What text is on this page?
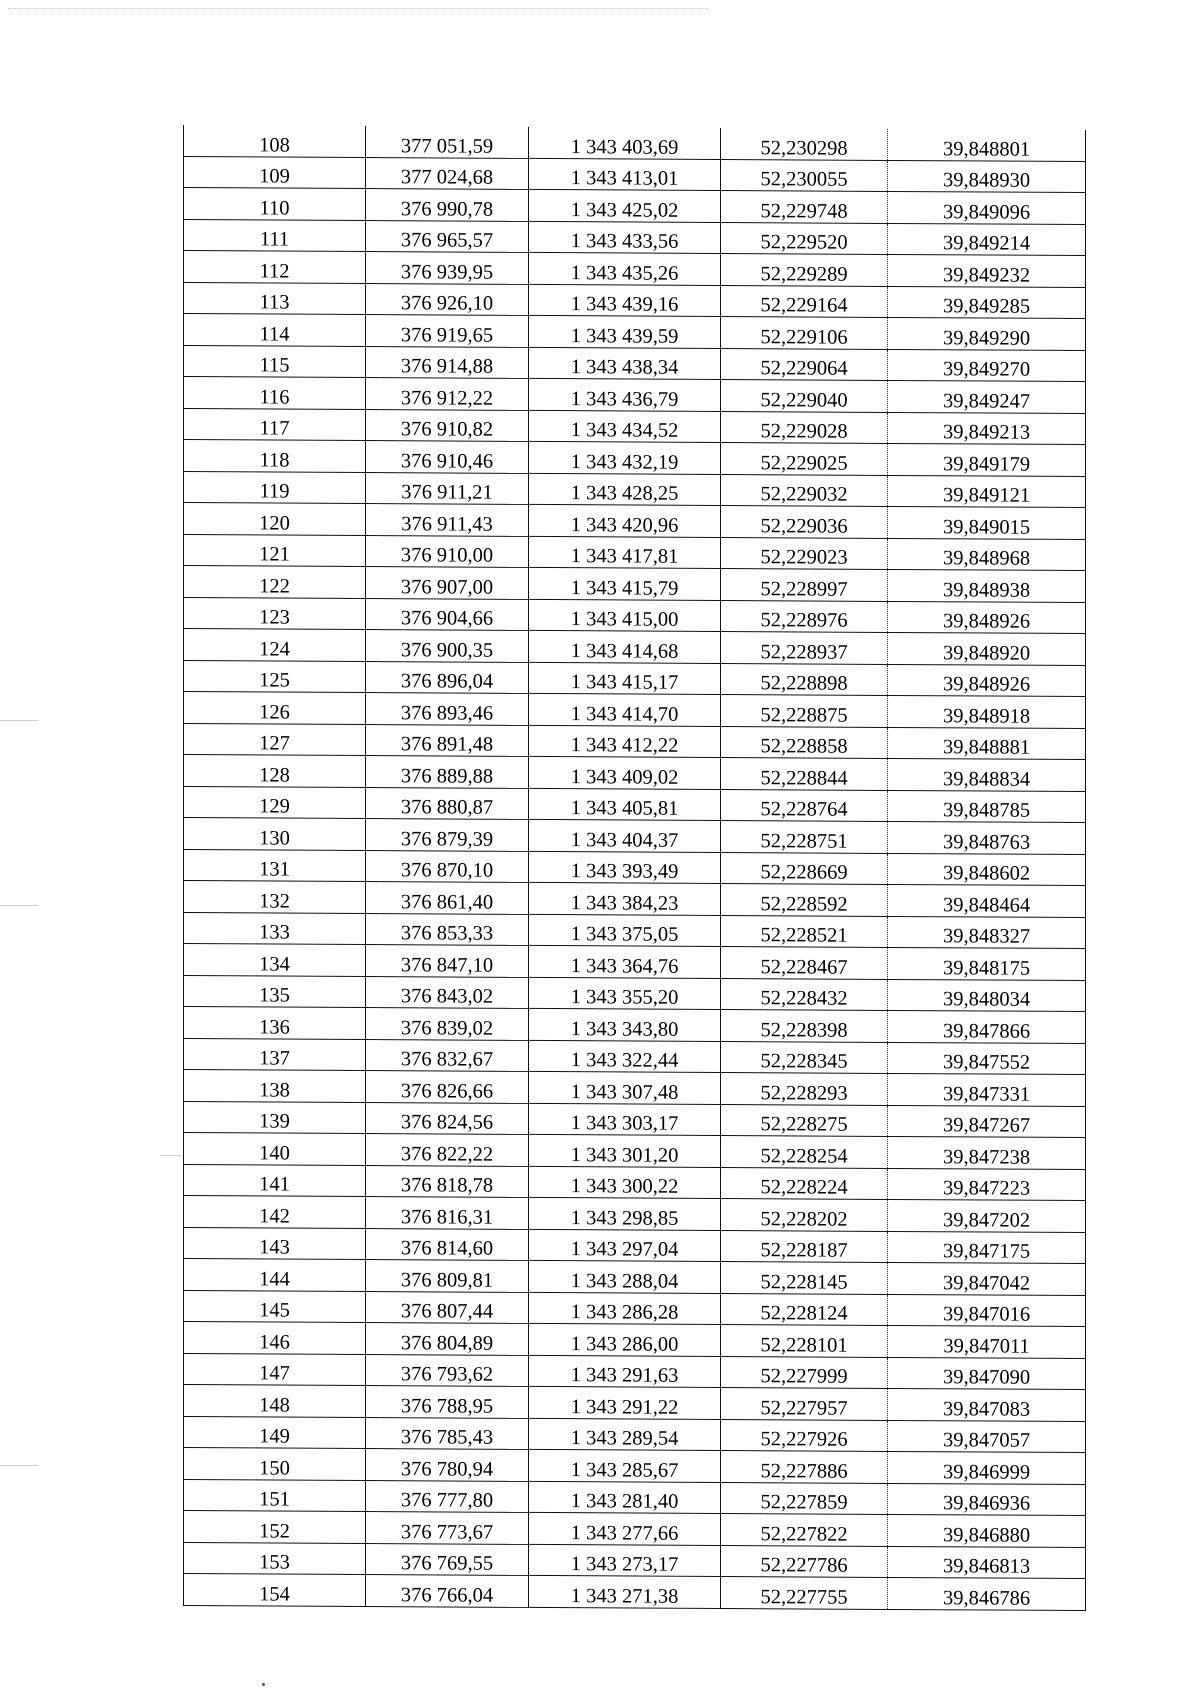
108	377 051,59	1 343 403,69	52,230298	39,848801
109	377 024,68	1 343 413,01	52,230055	39,848930
110	376 990,78	1 343 425,02	52,229748	39,849096
111	376 965,57	1 343 433,56	52,229520	39,849214
112	376 939,95	1 343 435,26	52,229289	39,849232
113	376 926,10	1 343 439,16	52,229164	39,849285
114	376 919,65	1 343 439,59	52,229106	39,849290
115	376 914,88	1 343 438,34	52,229064	39,849270
116	376 912,22	1 343 436,79	52,229040	39,849247
117	376 910,82	1 343 434,52	52,229028	39,849213
118	376 910,46	1 343 432,19	52,229025	39,849179
119	376 911,21	1 343 428,25	52,229032	39,849121
120	376 911,43	1 343 420,96	52,229036	39,849015
121	376 910,00	1 343 417,81	52,229023	39,848968
122	376 907,00	1 343 415,79	52,228997	39,848938
123	376 904,66	1 343 415,00	52,228976	39,848926
124	376 900,35	1 343 414,68	52,228937	39,848920
125	376 896,04	1 343 415,17	52,228898	39,848926
126	376 893,46	1 343 414,70	52,228875	39,848918
127	376 891,48	1 343 412,22	52,228858	39,848881
128	376 889,88	1 343 409,02	52,228844	39,848834
129	376 880,87	1 343 405,81	52,228764	39,848785
130	376 879,39	1 343 404,37	52,228751	39,848763
131	376 870,10	1 343 393,49	52,228669	39,848602
132	376 861,40	1 343 384,23	52,228592	39,848464
133	376 853,33	1 343 375,05	52,228521	39,848327
134	376 847,10	1 343 364,76	52,228467	39,848175
135	376 843,02	1 343 355,20	52,228432	39,848034
136	376 839,02	1 343 343,80	52,228398	39,847866
137	376 832,67	1 343 322,44	52,228345	39,847552
138	376 826,66	1 343 307,48	52,228293	39,847331
139	376 824,56	1 343 303,17	52,228275	39,847267
140	376 822,22	1 343 301,20	52,228254	39,847238
141	376 818,78	1 343 300,22	52,228224	39,847223
142	376 816,31	1 343 298,85	52,228202	39,847202
143	376 814,60	1 343 297,04	52,228187	39,847175
144	376 809,81	1 343 288,04	52,228145	39,847042
145	376 807,44	1 343 286,28	52,228124	39,847016
146	376 804,89	1 343 286,00	52,228101	39,847011
147	376 793,62	1 343 291,63	52,227999	39,847090
148	376 788,95	1 343 291,22	52,227957	39,847083
149	376 785,43	1 343 289,54	52,227926	39,847057
150	376 780,94	1 343 285,67	52,227886	39,846999
151	376 777,80	1 343 281,40	52,227859	39,846936
152	376 773,67	1 343 277,66	52,227822	39,846880
153	376 769,55	1 343 273,17	52,227786	39,846813
154	376 766,04	1 343 271,38	52,227755	39,846786
